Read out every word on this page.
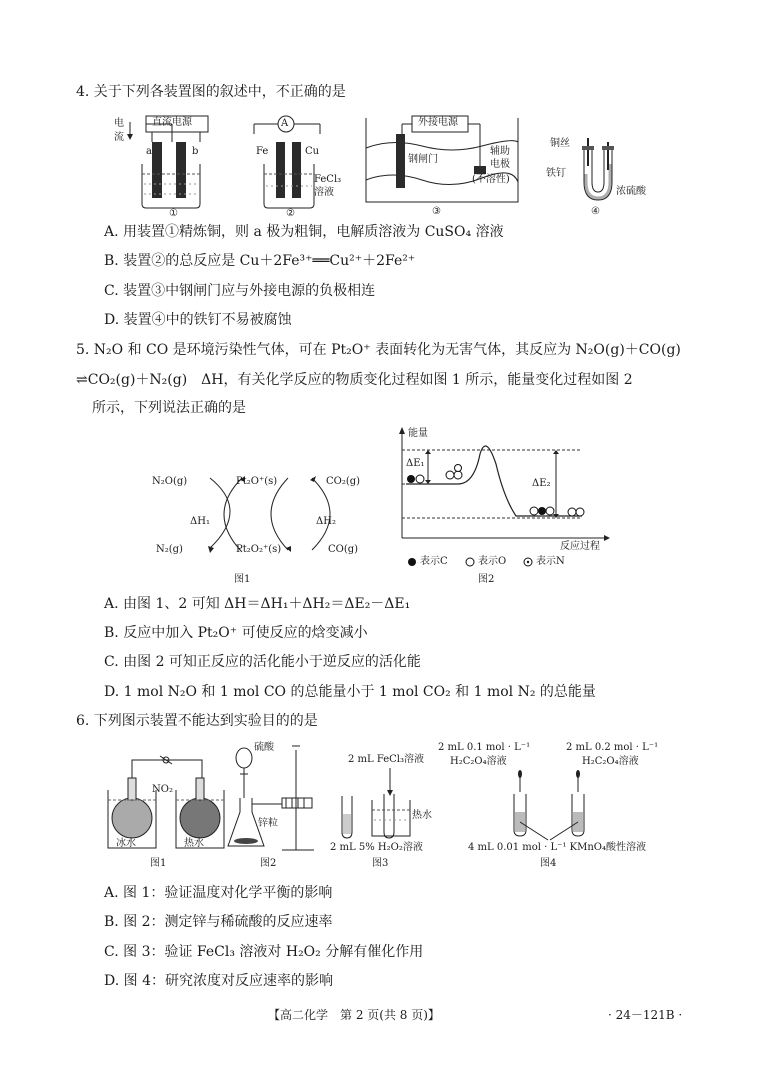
4. 关于下列各装置图的叙述中，不正确的是
直流电源
电
流
a	b
①
A
Fe	Cu
FeCl₃
溶液
②
外接电源
钢闸门
辅助
电极
(不溶性)
③
铜丝
铁钉
浓硫酸
④
A. 用装置①精炼铜，则 a 极为粗铜，电解质溶液为 CuSO₄ 溶液
B. 装置②的总反应是 Cu＋2Fe³⁺══Cu²⁺＋2Fe²⁺
C. 装置③中钢闸门应与外接电源的负极相连
D. 装置④中的铁钉不易被腐蚀
5. N₂O 和 CO 是环境污染性气体，可在 Pt₂O⁺ 表面转化为无害气体，其反应为 N₂O(g)＋CO(g)
⇌CO₂(g)＋N₂(g)　ΔH，有关化学反应的物质变化过程如图 1 所示，能量变化过程如图 2
所示，下列说法正确的是
N₂O(g)	Pt₂O⁺(s)	CO₂(g)
ΔH₁	ΔH₂
N₂(g)	Pt₂O₂⁺(s)	CO(g)
图1
能量
反应过程
ΔE₁
ΔE₂
表示C	表示O	表示N
图2
A. 由图 1、2 可知 ΔH＝ΔH₁＋ΔH₂＝ΔE₂－ΔE₁
B. 反应中加入 Pt₂O⁺ 可使反应的焓变减小
C. 由图 2 可知正反应的活化能小于逆反应的活化能
D. 1 mol N₂O 和 1 mol CO 的总能量小于 1 mol CO₂ 和 1 mol N₂ 的总能量
6. 下列图示装置不能达到实验目的的是
NO₂
冰水	热水
图1
硫酸
锌粒
图2
2 mL FeCl₃溶液
热水
2 mL 5% H₂O₂溶液
图3
2 mL 0.1 mol · L⁻¹
H₂C₂O₄溶液
2 mL 0.2 mol · L⁻¹
H₂C₂O₄溶液
4 mL 0.01 mol · L⁻¹ KMnO₄酸性溶液
图4
A. 图 1：验证温度对化学平衡的影响
B. 图 2：测定锌与稀硫酸的反应速率
C. 图 3：验证 FeCl₃ 溶液对 H₂O₂ 分解有催化作用
D. 图 4：研究浓度对反应速率的影响
【高二化学　第 2 页(共 8 页)】	· 24－121B ·
